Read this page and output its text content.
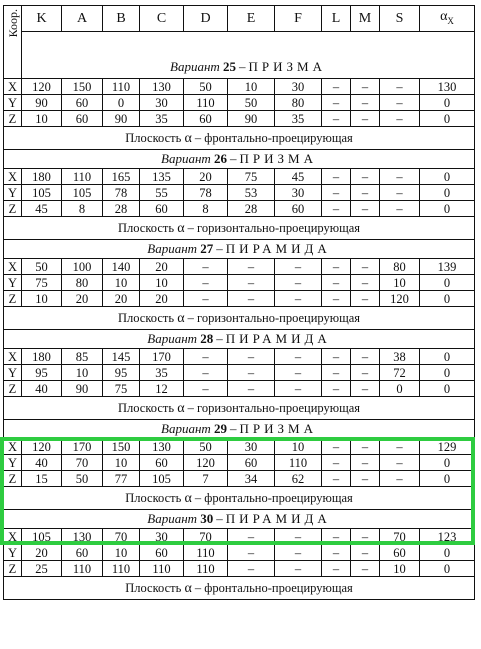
Коор.	K	A	B	C	D	E	F	L	M	S	$\alpha_X$
	Вариант 25 – ПРИЗМА										
X	120	150	110	130	50	10	30	–	–	–	130
Y	90	60	0	30	110	50	80	–	–	–	0
Z	10	60	90	35	60	90	35	–	–	–	0
Плоскость α – фронтально-проецирующая											
Вариант 26 – ПРИЗМА											
X	180	110	165	135	20	75	45	–	–	–	0
Y	105	105	78	55	78	53	30	–	–	–	0
Z	45	8	28	60	8	28	60	–	–	–	0
Плоскость α – горизонтально-проецирующая											
Вариант 27 – ПИРАМИДА											
X	50	100	140	20	–	–	–	–	–	80	139
Y	75	80	10	10	–	–	–	–	–	10	0
Z	10	20	20	20	–	–	–	–	–	120	0
Плоскость α – горизонтально-проецирующая											
Вариант 28 – ПИРАМИДА											
X	180	85	145	170	–	–	–	–	–	38	0
Y	95	10	95	35	–	–	–	–	–	72	0
Z	40	90	75	12	–	–	–	–	–	0	0
Плоскость α – горизонтально-проецирующая											
Вариант 29 – ПРИЗМА											
X	120	170	150	130	50	30	10	–	–	–	129
Y	40	70	10	60	120	60	110	–	–	–	0
Z	15	50	77	105	7	34	62	–	–	–	0
Плоскость α – фронтально-проецирующая											
Вариант 30 – ПИРАМИДА											
X	105	130	70	30	70	–	–	–	–	70	123
Y	20	60	10	60	110	–	–	–	–	60	0
Z	25	110	110	110	110	–	–	–	–	10	0
Плоскость α – фронтально-проецирующая											
